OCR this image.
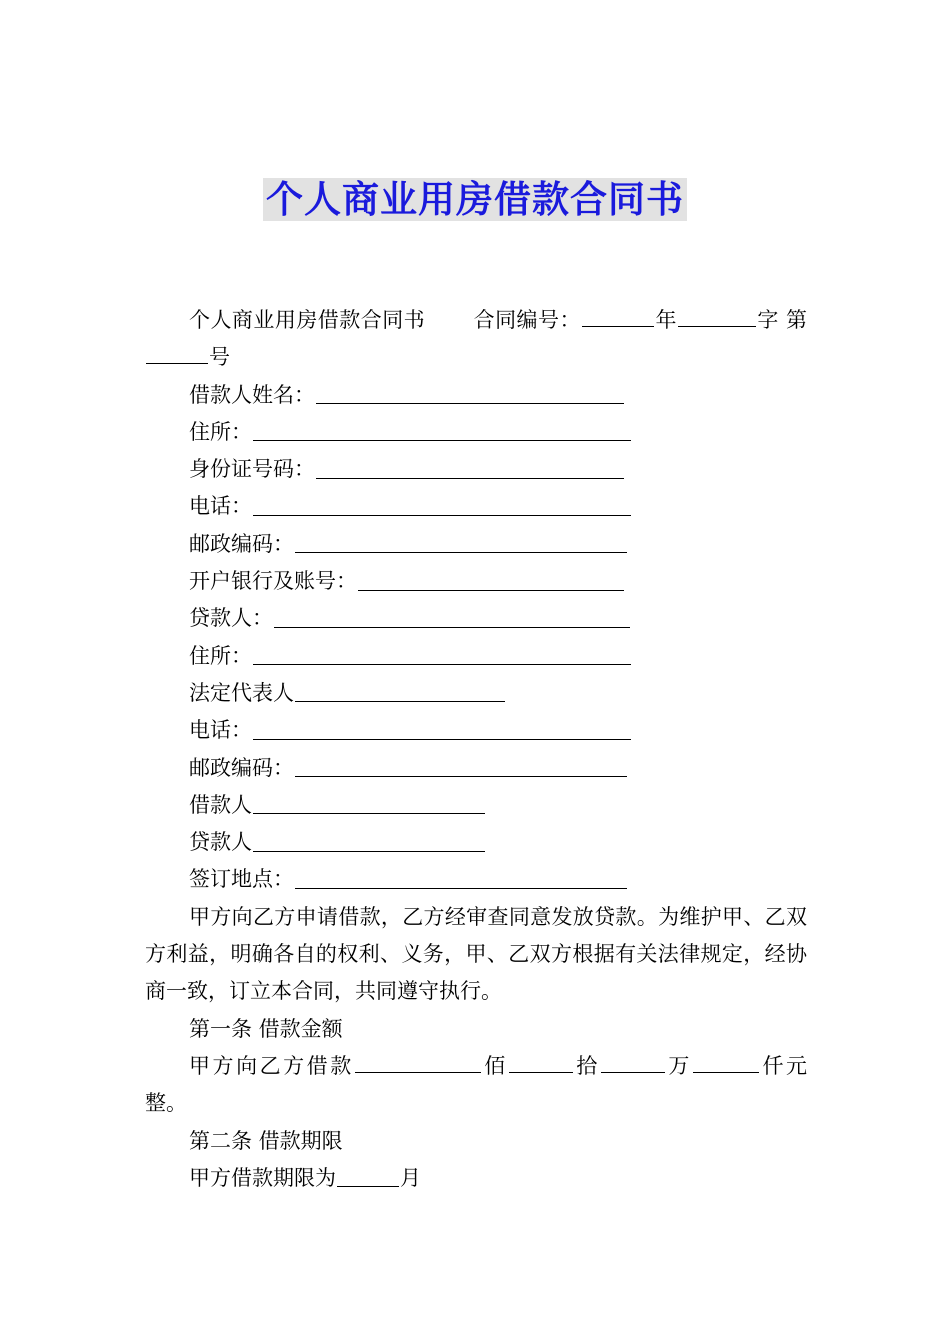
个人商业用房借款合同书

个人商业用房借款合同书 合同编号：	年	字 第号

借款人姓名：

住所：

身份证号码：

电话：

邮政编码：

开户银行及账号：

贷款人：

住所：

法定代表人

电话：

邮政编码：

借款人

贷款人

签订地点：

甲方向乙方申请借款，乙方经审查同意发放贷款。为维护甲、乙双方利益，明确各自的权利、义务，甲、乙双方根据有关法律规定，经协商一致，订立本合同，共同遵守执行。

第一条 借款金额

甲方向乙方借款	佰	拾	万	仟元整。

第二条 借款期限

甲方借款期限为	月
